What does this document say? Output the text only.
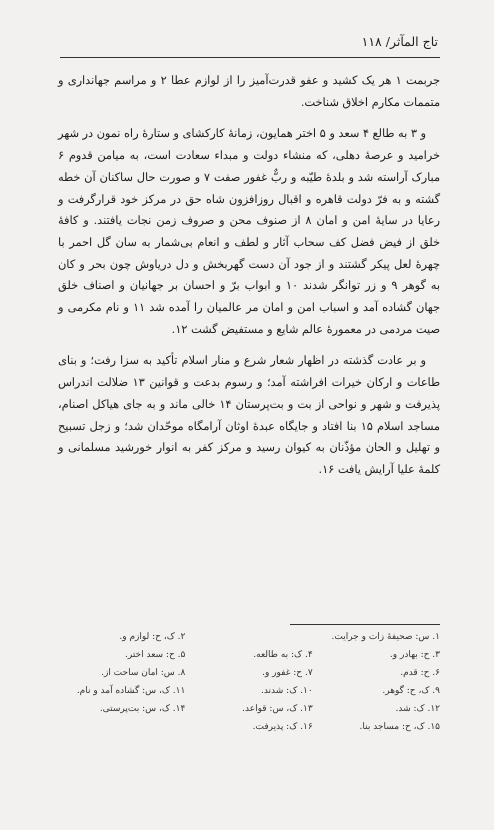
تاج المآثر/ ۱۱۸

جربمت ۱ هر یک کشید و عفو قدرت‌آمیز را از لوازم عطا ۲ و مراسم جهانداری و متممات مکارم اخلاق شناخت.

و ۳ به طالع ۴ سعد و ۵ اختر همایون، زمانهٔ کارکشای و ستارهٔ راه نمون در شهر خرامید و عرصهٔ دهلی، که منشاء دولت و مبداء سعادت است، به میامن قدوم ۶ مبارک آراسته شد و بلدهٔ طیّبه و ربٌّ غفور صفت ۷ و صورت حال ساکنان آن خطه گشته و به فرّ دولت قاهره و اقبال روزافزون شاه حق در مرکز خود قرارگرفت و رعایا در سایهٔ امن و امان ۸ از صنوف محن و صروف زمن نجات یافتند. و کافهٔ خلق از فیض فضل کف سحاب آثار و لطف و انعام بی‌شمار به سان گل احمر با چهرهٔ لعل پیکر گشتند و از جود آن دست گهربخش و دل دریاوش چون بحر و کان به گوهر ۹ و زر توانگر شدند ۱۰ و ابواب برّ و احسان بر جهانیان و اصناف خلق جهان گشاده آمد و اسباب امن و امان مر عالمیان را آمده شد ۱۱ و نام مکرمی و صیت مردمی در معمورهٔ عالم شایع و مستفیض گشت ۱۲.

و بر عادت گذشته در اظهار شعار شرع و منار اسلام تأکید به سزا رفت؛ و بنای طاعات و ارکان خیرات افراشته آمد؛ و رسوم بدعت و قوانین ۱۳ ضلالت اندراس پذیرفت و شهر و نواحی از بت و بت‌پرستان ۱۴ خالی ماند و به جای هیاکل اصنام، مساجد اسلام ۱۵ بنا افتاد و جایگاه عبدهٔ اوثان آرامگاه موحّدان شد؛ و زجل تسبیح و تهلیل و الحان مؤذّنان به کیوان رسید و مرکز کفر به انوار خورشید مسلمانی و کلمهٔ علیا آرایش یافت ۱۶.

۱. س: صحیفهٔ زات و جرایت.
۲. ک، ح: لوازم و.
۳. ح: بهادر و.
۴. ک: به طالعه.
۵. ح: سعد اختر.
۶. ح: قدم.
۷. ح: غفور و.
۸. س: امان ساحت از.
۹. ک، ح: گوهر.
۱۰. ک: شدند.
۱۱. ک، س: گشاده آمد و نام.
۱۲. ک: شد.
۱۳. ک، س: قواعد.
۱۴. ک، س: بت‌پرستی.
۱۵. ک، ح: مساجد بنا.
۱۶. ک: پذیرفت.
